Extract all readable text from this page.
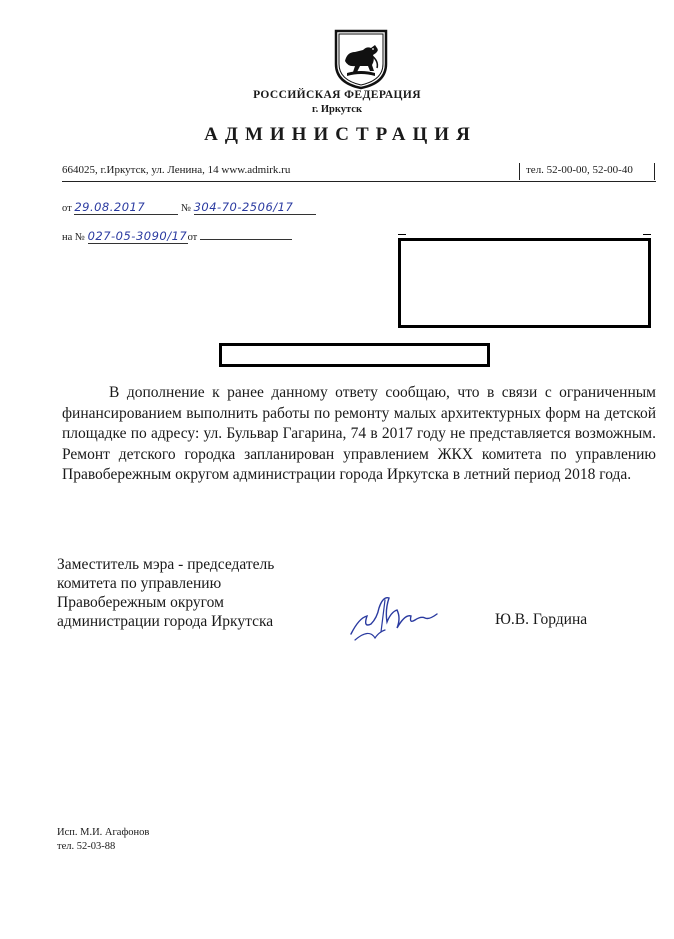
РОССИЙСКАЯ ФЕДЕРАЦИЯ
г. Иркутск
АДМИНИСТРАЦИЯ
664025, г.Иркутск, ул. Ленина, 14 www.admirk.ru	тел. 52-00-00, 52-00-40
от 29.08.2017	№ 304-70-2506/17
на № 027-05-3090/17от

В дополнение к ранее данному ответу сообщаю, что в связи с ограниченным финансированием выполнить работы по ремонту малых архитектурных форм на детской площадке по адресу: ул. Бульвар Гагарина, 74 в 2017 году не представляется возможным. Ремонт детского городка запланирован управлением ЖКХ комитета по управлению Правобережным округом администрации города Иркутска в летний период 2018 года.

Заместитель мэра - председатель
комитета по управлению
Правобережным округом
администрации города Иркутска	Ю.В. Гордина
Исп. М.И. Агафонов
тел. 52-03-88
